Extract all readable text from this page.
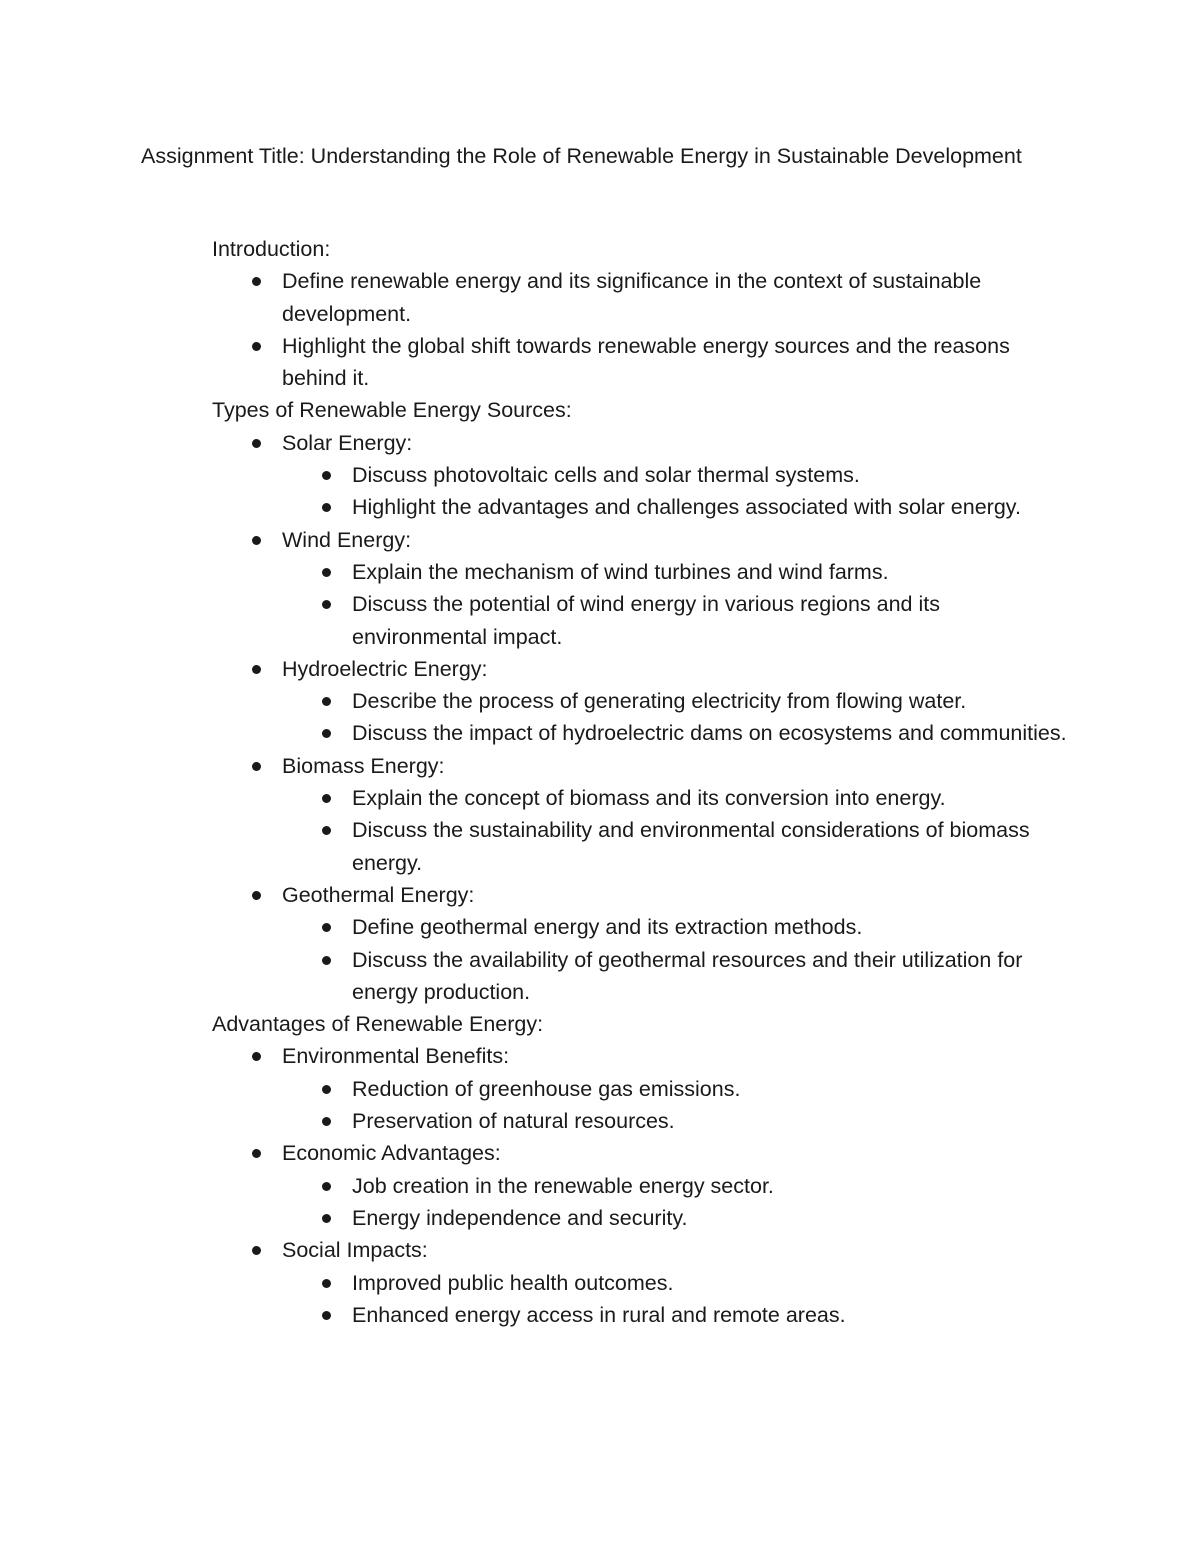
Assignment Title: Understanding the Role of Renewable Energy in Sustainable Development

Introduction:

Define renewable energy and its significance in the context of sustainable development.
Highlight the global shift towards renewable energy sources and the reasons behind it.

Types of Renewable Energy Sources:

Solar Energy:
Discuss photovoltaic cells and solar thermal systems.
Highlight the advantages and challenges associated with solar energy.
Wind Energy:
Explain the mechanism of wind turbines and wind farms.
Discuss the potential of wind energy in various regions and its environmental impact.
Hydroelectric Energy:
Describe the process of generating electricity from flowing water.
Discuss the impact of hydroelectric dams on ecosystems and communities.
Biomass Energy:
Explain the concept of biomass and its conversion into energy.
Discuss the sustainability and environmental considerations of biomass energy.
Geothermal Energy:
Define geothermal energy and its extraction methods.
Discuss the availability of geothermal resources and their utilization for energy production.

Advantages of Renewable Energy:

Environmental Benefits:
Reduction of greenhouse gas emissions.
Preservation of natural resources.
Economic Advantages:
Job creation in the renewable energy sector.
Energy independence and security.
Social Impacts:
Improved public health outcomes.
Enhanced energy access in rural and remote areas.
